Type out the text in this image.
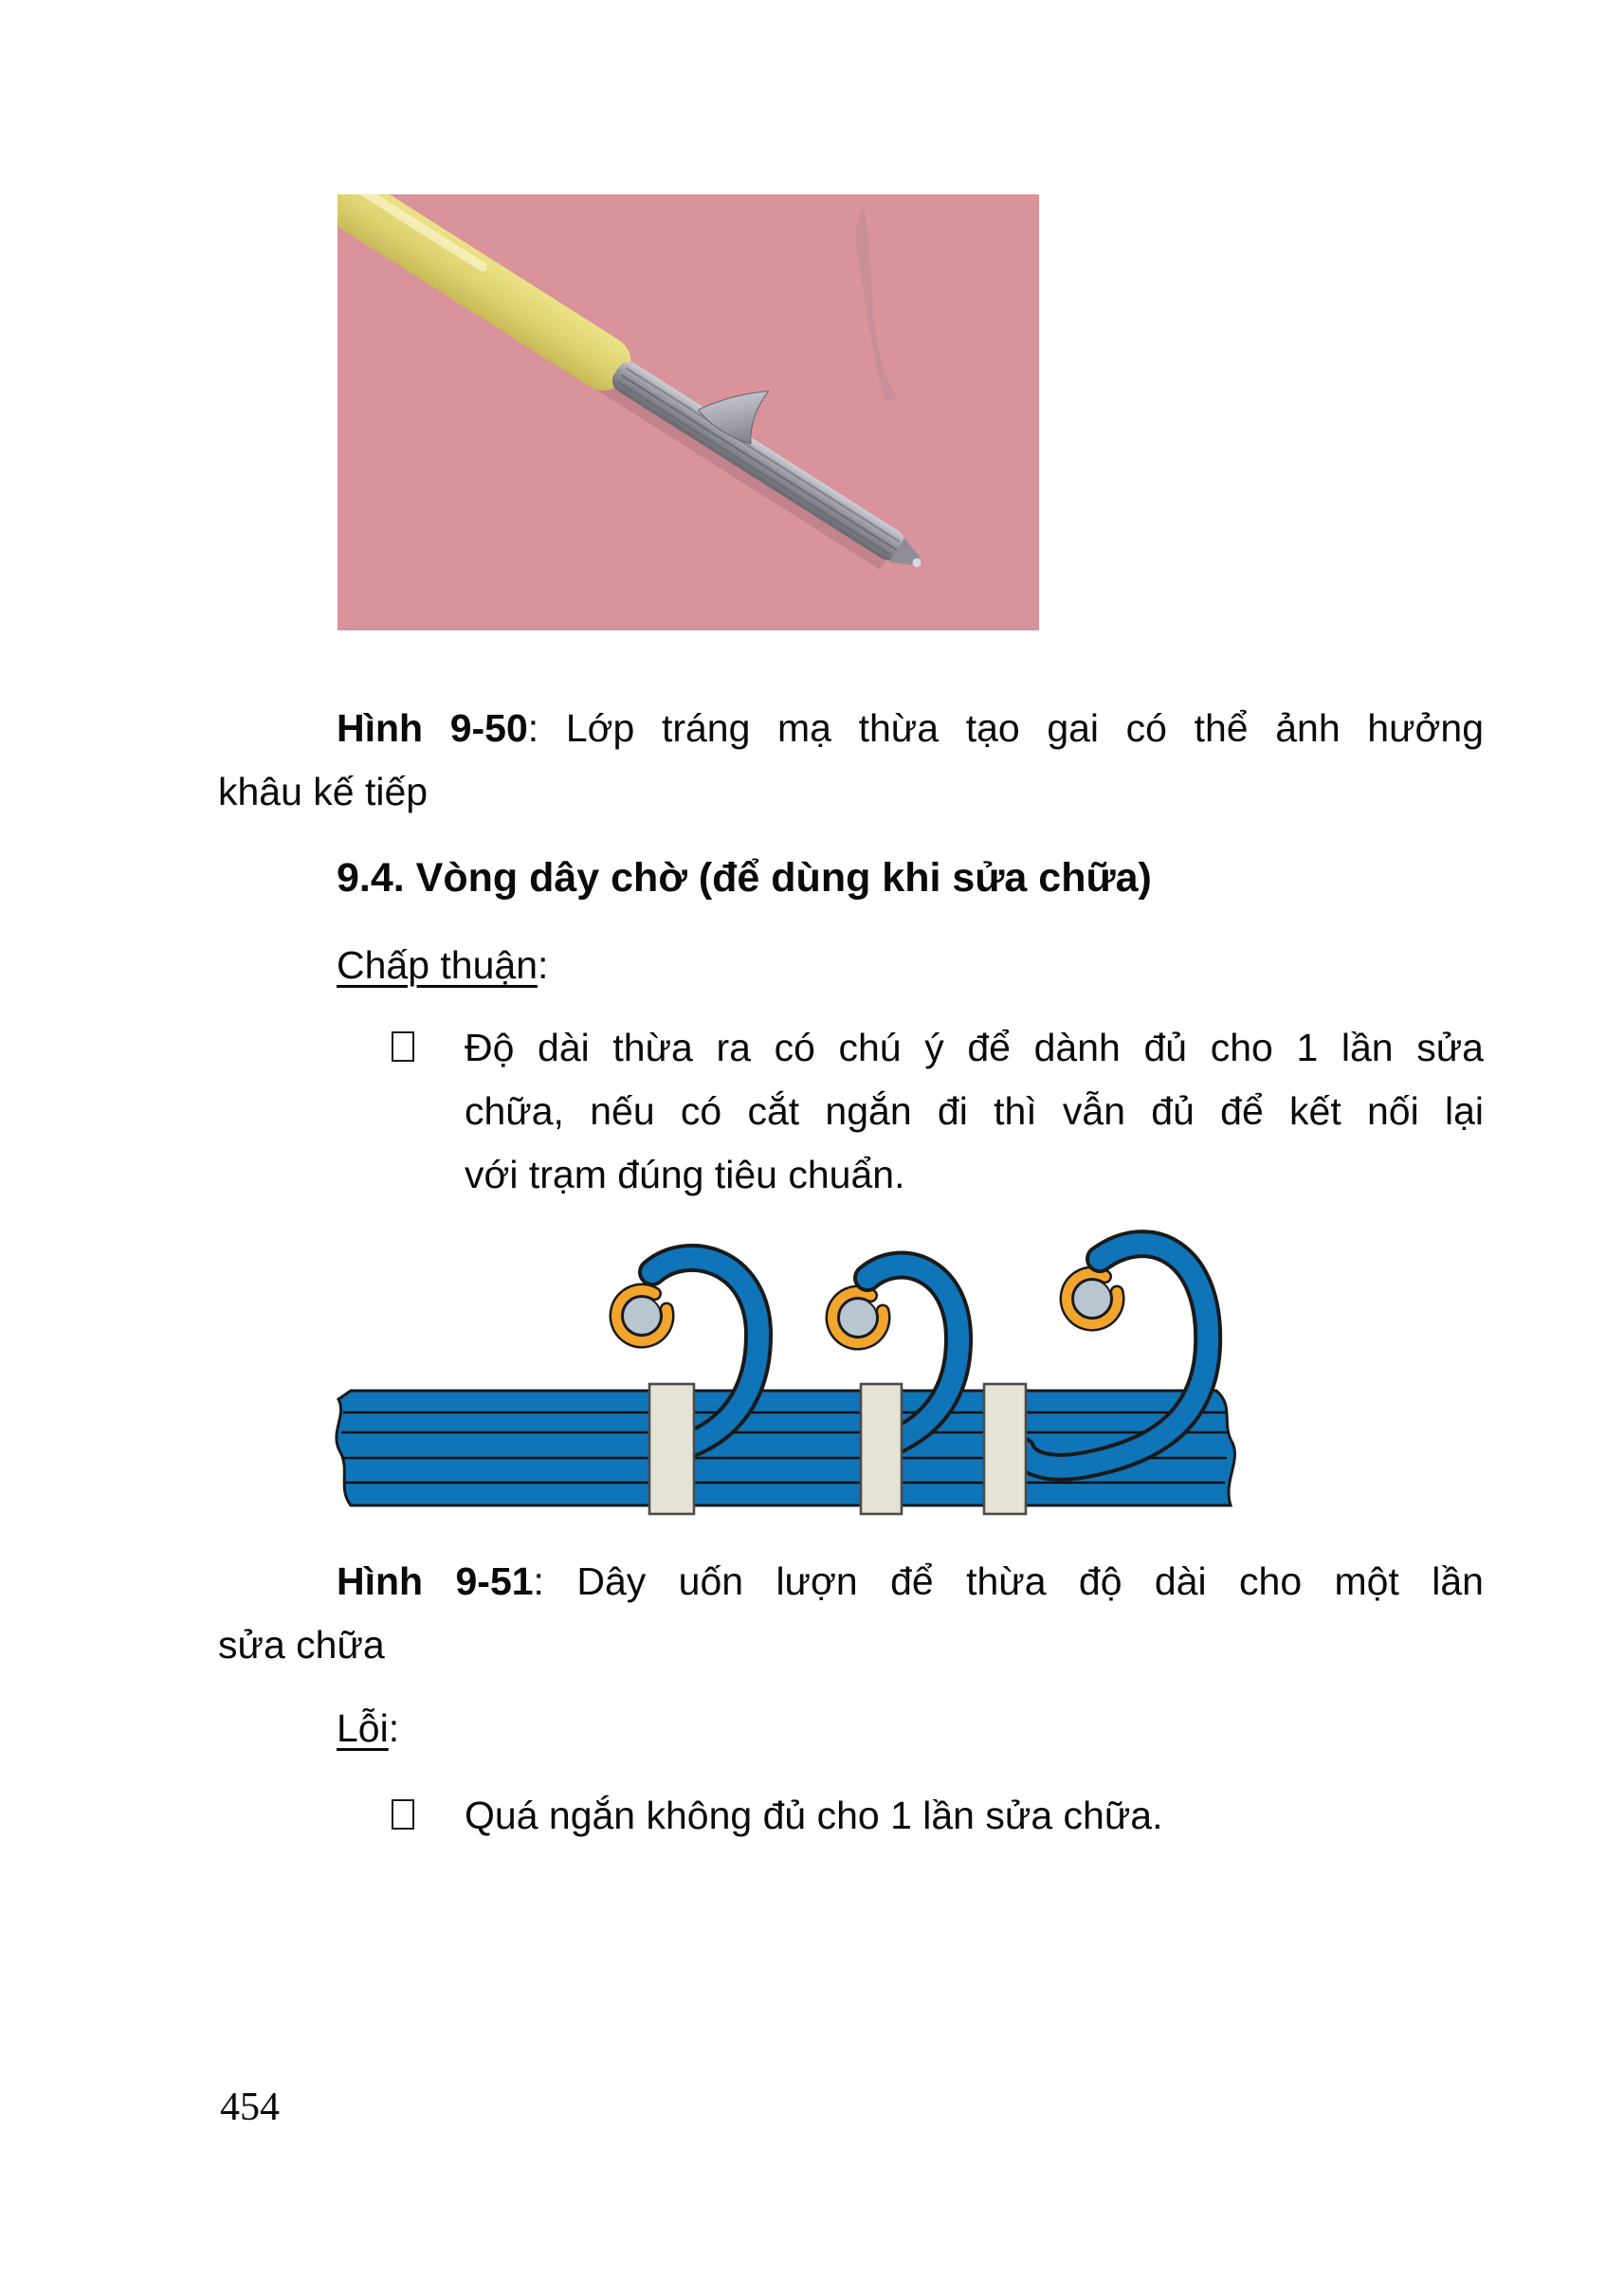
Hình 9-50: Lớp tráng mạ thừa tạo gai có thể ảnh hưởng
khâu kế tiếp
9.4. Vòng dây chờ (để dùng khi sửa chữa)
Chấp thuận:
Độ dài thừa ra có chú ý để dành đủ cho 1 lần sửa
chữa, nếu có cắt ngắn đi thì vẫn đủ để kết nối lại
với trạm đúng tiêu chuẩn.
Hình 9-51: Dây uốn lượn để thừa độ dài cho một lần
sửa chữa
Lỗi:
Quá ngắn không đủ cho 1 lần sửa chữa.
454
